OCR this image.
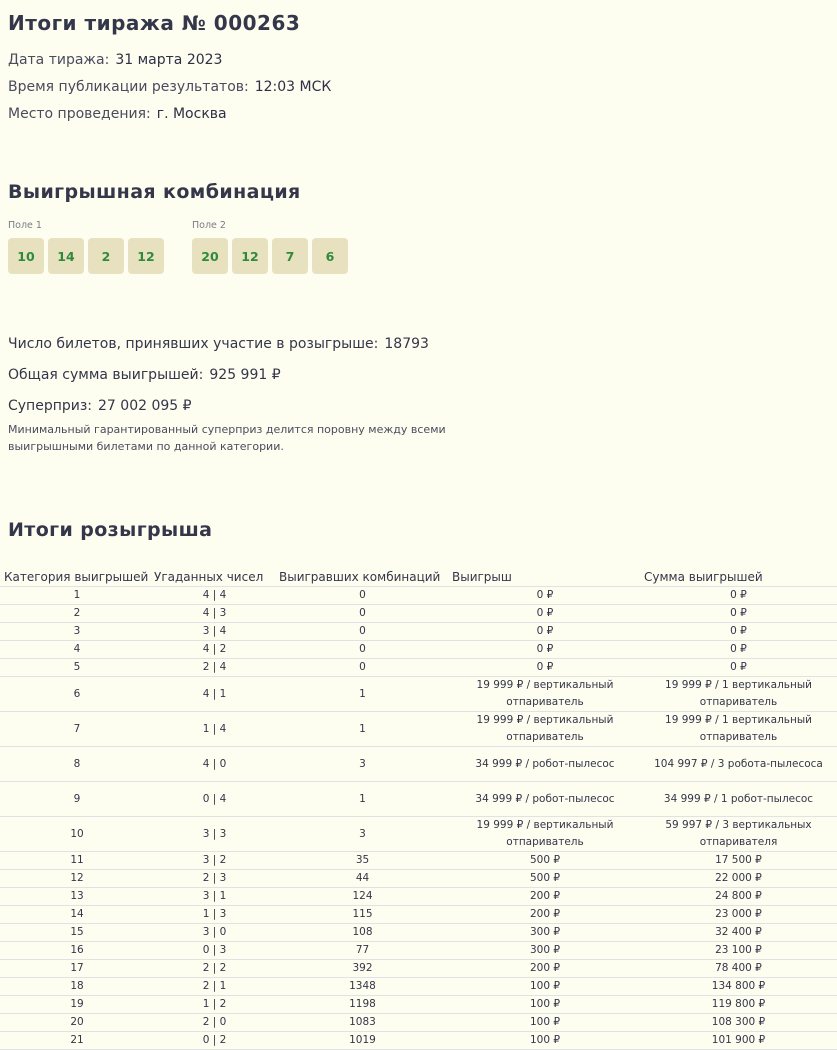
Итоги тиража № 000263
Дата тиража: 31 марта 2023
Время публикации результатов: 12:03 МСК
Место проведения: г. Москва
Выигрышная комбинация
Поле 1
10	14	2	12
Поле 2
20	12	7	6
Число билетов, принявших участие в розыгрыше: 18793
Общая сумма выигрышей: 925 991 ₽
Суперприз: 27 002 095 ₽
Минимальный гарантированный суперприз делится поровну между всеми выигрышными билетами по данной категории.
Итоги розыгрыша
Категория выигрышей	Угаданных чисел	Выигравших комбинаций	Выигрыш	Сумма выигрышей
1	4 | 4	0	0 ₽	0 ₽
2	4 | 3	0	0 ₽	0 ₽
3	3 | 4	0	0 ₽	0 ₽
4	4 | 2	0	0 ₽	0 ₽
5	2 | 4	0	0 ₽	0 ₽
6	4 | 1	1	19 999 ₽ / вертикальный отпариватель	19 999 ₽ / 1 вертикальный отпариватель
7	1 | 4	1	19 999 ₽ / вертикальный отпариватель	19 999 ₽ / 1 вертикальный отпариватель
8	4 | 0	3	34 999 ₽ / робот-пылесос	104 997 ₽ / 3 робота-пылесоса
9	0 | 4	1	34 999 ₽ / робот-пылесос	34 999 ₽ / 1 робот-пылесос
10	3 | 3	3	19 999 ₽ / вертикальный отпариватель	59 997 ₽ / 3 вертикальных отпаривателя
11	3 | 2	35	500 ₽	17 500 ₽
12	2 | 3	44	500 ₽	22 000 ₽
13	3 | 1	124	200 ₽	24 800 ₽
14	1 | 3	115	200 ₽	23 000 ₽
15	3 | 0	108	300 ₽	32 400 ₽
16	0 | 3	77	300 ₽	23 100 ₽
17	2 | 2	392	200 ₽	78 400 ₽
18	2 | 1	1348	100 ₽	134 800 ₽
19	1 | 2	1198	100 ₽	119 800 ₽
20	2 | 0	1083	100 ₽	108 300 ₽
21	0 | 2	1019	100 ₽	101 900 ₽
